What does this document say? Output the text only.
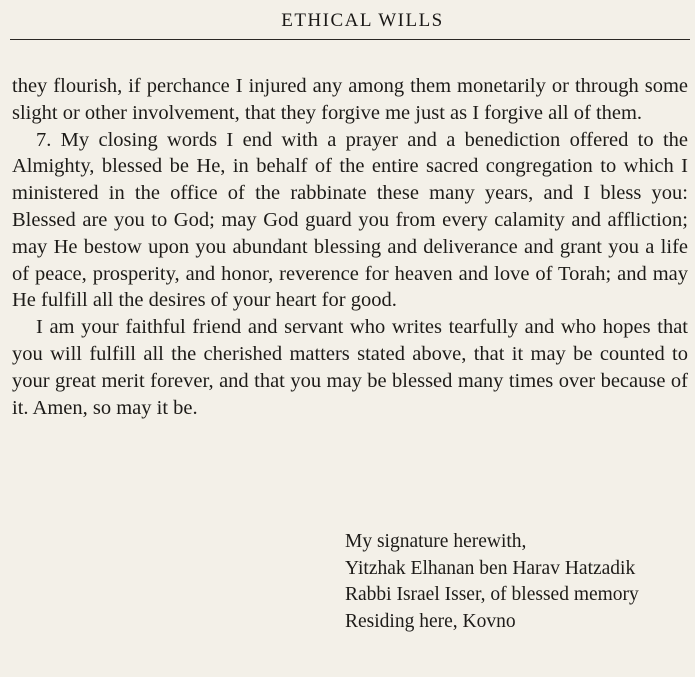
ETHICAL WILLS

they flourish, if perchance I injured any among them monetarily or through some slight or other involvement, that they forgive me just as I forgive all of them.

7. My closing words I end with a prayer and a benediction offered to the Almighty, blessed be He, in behalf of the entire sacred congregation to which I ministered in the office of the rabbinate these many years, and I bless you: Blessed are you to God; may God guard you from every calamity and affliction; may He bestow upon you abundant blessing and deliverance and grant you a life of peace, prosperity, and honor, reverence for heaven and love of Torah; and may He fulfill all the desires of your heart for good.

I am your faithful friend and servant who writes tearfully and who hopes that you will fulfill all the cherished matters stated above, that it may be counted to your great merit forever, and that you may be blessed many times over because of it. Amen, so may it be.

My signature herewith,
Yitzhak Elhanan ben Harav Hatzadik
Rabbi Israel Isser, of blessed memory
Residing here, Kovno
